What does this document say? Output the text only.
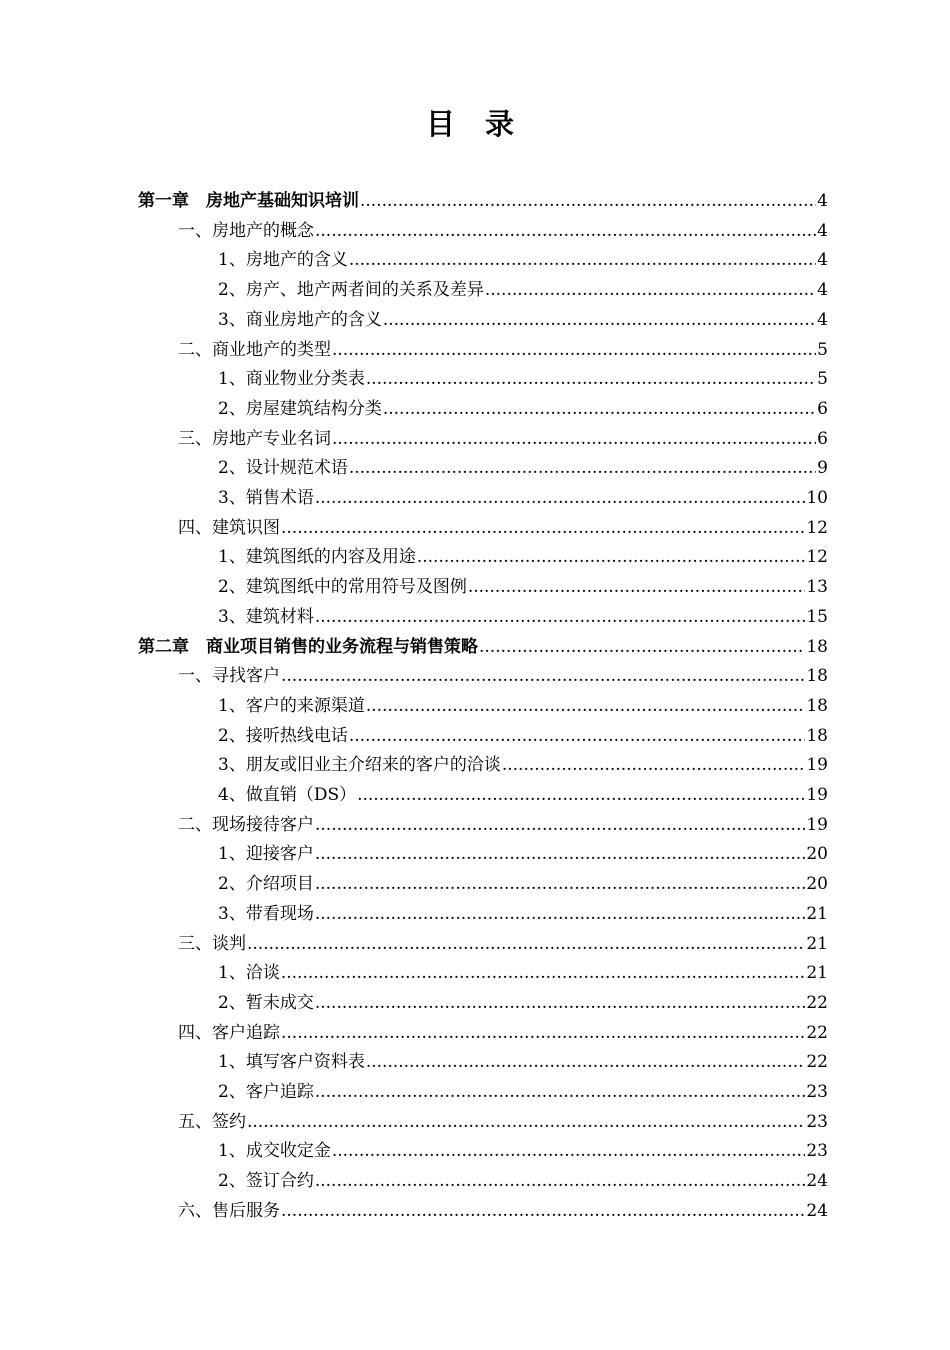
目 录
第一章　房地产基础知识培训 .....	4
一、房地产的概念 .....	4
1、房地产的含义 .....	4
2、房产、地产两者间的关系及差异 .....	4
3、商业房地产的含义 .....	4
二、商业地产的类型 .....	5
1、商业物业分类表 .....	5
2、房屋建筑结构分类 .....	6
三、房地产专业名词 .....	6
2、设计规范术语 .....	9
3、销售术语 .....	10
四、建筑识图 .....	12
1、建筑图纸的内容及用途 .....	12
2、建筑图纸中的常用符号及图例 .....	13
3、建筑材料 .....	15
第二章　商业项目销售的业务流程与销售策略 .....	18
一、寻找客户 .....	18
1、客户的来源渠道 .....	18
2、接听热线电话 .....	18
3、朋友或旧业主介绍来的客户的洽谈 .....	19
4、做直销（DS） .....	19
二、现场接待客户 .....	19
1、迎接客户 .....	20
2、介绍项目 .....	20
3、带看现场 .....	21
三、谈判 .....	21
1、洽谈 .....	21
2、暂未成交 .....	22
四、客户追踪 .....	22
1、填写客户资料表 .....	22
2、客户追踪 .....	23
五、签约 .....	23
1、成交收定金 .....	23
2、签订合约 .....	24
六、售后服务 .....	24
